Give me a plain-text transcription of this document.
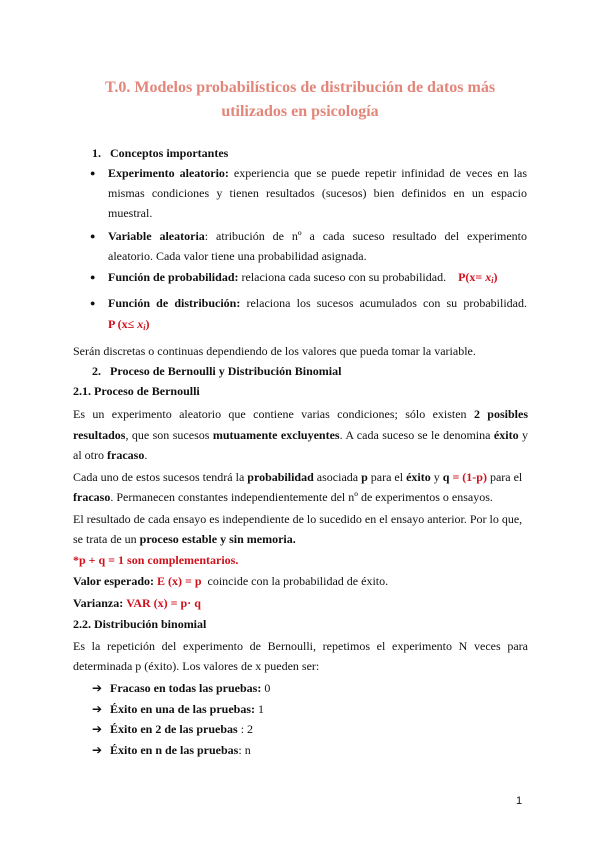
T.0. Modelos probabilísticos de distribución de datos más utilizados en psicología
1. Conceptos importantes
● Experimento aleatorio: experiencia que se puede repetir infinidad de veces en las
mismas condiciones y tienen resultados (sucesos) bien definidos en un espacio
muestral.
● Variable aleatoria: atribución de nº a cada suceso resultado del experimento
aleatorio. Cada valor tiene una probabilidad asignada.
● Función de probabilidad: relaciona cada suceso con su probabilidad. $P(x= x_i)$
● Función de distribución: relaciona los sucesos acumulados con su probabilidad.
P $(x\le x_i)$
Serán discretas o continuas dependiendo de los valores que pueda tomar la variable.
2. Proceso de Bernoulli y Distribución Binomial
2.1. Proceso de Bernoulli
Es un experimento aleatorio que contiene varias condiciones; sólo existen 2 posibles
resultados, que son sucesos mutuamente excluyentes. A cada suceso se le denomina éxito y
al otro fracaso.
Cada uno de estos sucesos tendrá la probabilidad asociada p para el éxito y q = (1-p) para el
fracaso. Permanecen constantes independientemente del nº de experimentos o ensayos.
El resultado de cada ensayo es independiente de lo sucedido en el ensayo anterior. Por lo que,
se trata de un proceso estable y sin memoria.
*p + q = 1 son complementarios.
Valor esperado: E (x) = p coincide con la probabilidad de éxito.
Varianza: VAR (x) = p· q
2.2. Distribución binomial
Es la repetición del experimento de Bernoulli, repetimos el experimento N veces para
determinada p (éxito). Los valores de x pueden ser:
➔ Fracaso en todas las pruebas: 0
➔ Éxito en una de las pruebas: 1
➔ Éxito en 2 de las pruebas : 2
➔ Éxito en n de las pruebas: n
1
